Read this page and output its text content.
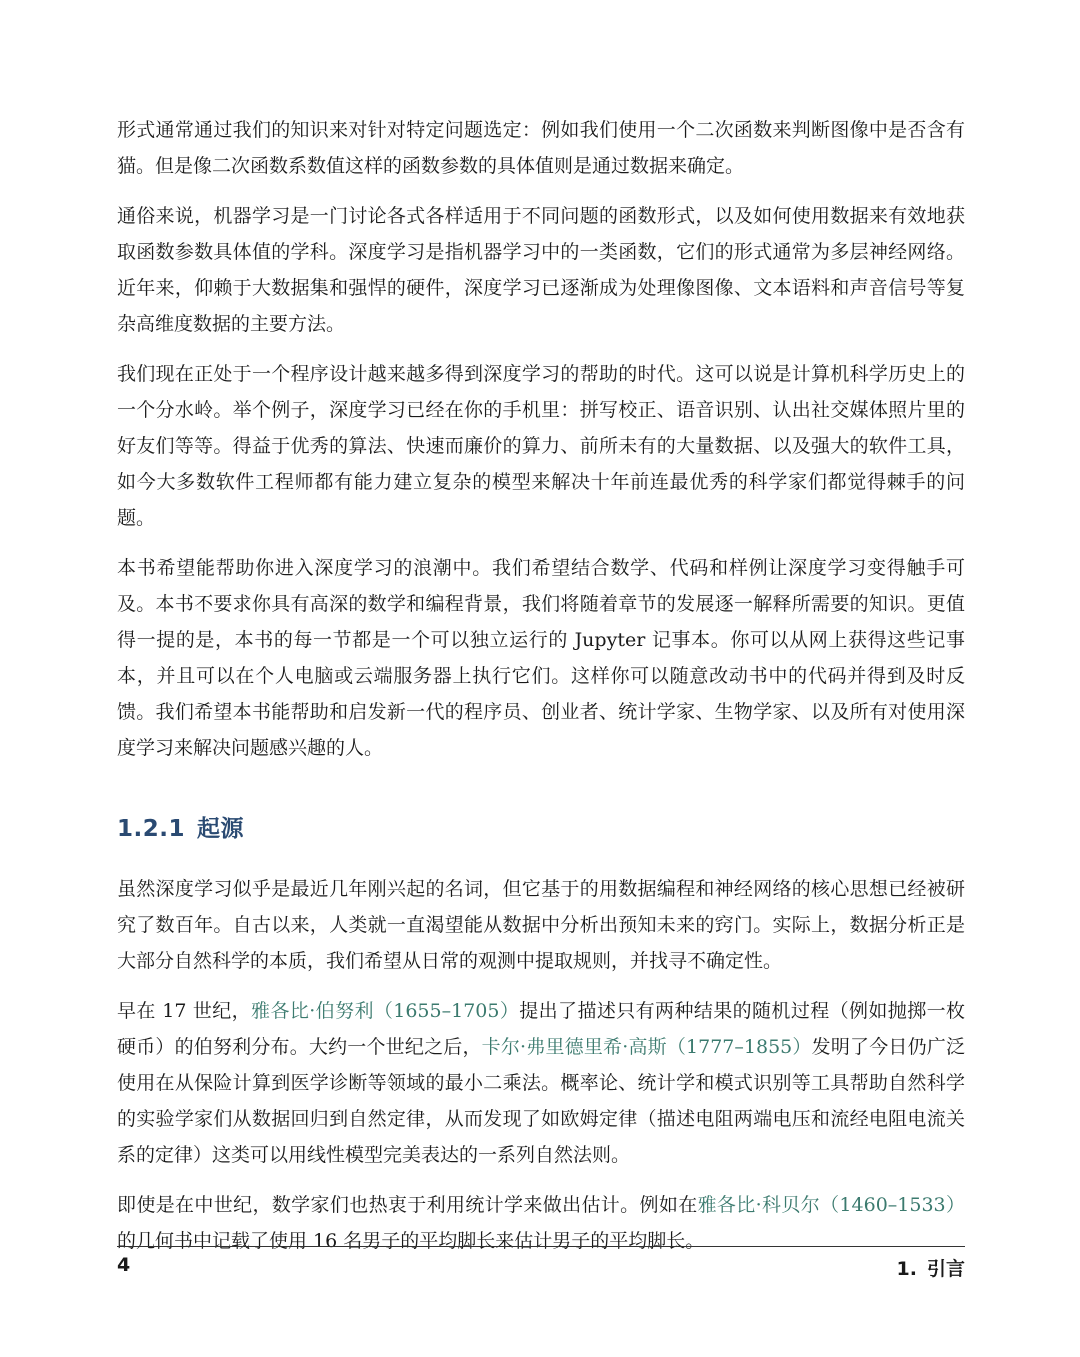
形式通常通过我们的知识来对针对特定问题选定：例如我们使用一个二次函数来判断图像中是否含有猫。但是像二次函数系数值这样的函数参数的具体值则是通过数据来确定。

通俗来说，机器学习是一门讨论各式各样适用于不同问题的函数形式，以及如何使用数据来有效地获取函数参数具体值的学科。深度学习是指机器学习中的一类函数，它们的形式通常为多层神经网络。近年来，仰赖于大数据集和强悍的硬件，深度学习已逐渐成为处理像图像、文本语料和声音信号等复杂高维度数据的主要方法。

我们现在正处于一个程序设计越来越多得到深度学习的帮助的时代。这可以说是计算机科学历史上的一个分水岭。举个例子，深度学习已经在你的手机里：拼写校正、语音识别、认出社交媒体照片里的好友们等等。得益于优秀的算法、快速而廉价的算力、前所未有的大量数据、以及强大的软件工具，如今大多数软件工程师都有能力建立复杂的模型来解决十年前连最优秀的科学家们都觉得棘手的问题。

本书希望能帮助你进入深度学习的浪潮中。我们希望结合数学、代码和样例让深度学习变得触手可及。本书不要求你具有高深的数学和编程背景，我们将随着章节的发展逐一解释所需要的知识。更值得一提的是，本书的每一节都是一个可以独立运行的 Jupyter 记事本。你可以从网上获得这些记事本，并且可以在个人电脑或云端服务器上执行它们。这样你可以随意改动书中的代码并得到及时反馈。我们希望本书能帮助和启发新一代的程序员、创业者、统计学家、生物学家、以及所有对使用深度学习来解决问题感兴趣的人。

1.2.1 起源

虽然深度学习似乎是最近几年刚兴起的名词，但它基于的用数据编程和神经网络的核心思想已经被研究了数百年。自古以来，人类就一直渴望能从数据中分析出预知未来的窍门。实际上，数据分析正是大部分自然科学的本质，我们希望从日常的观测中提取规则，并找寻不确定性。

早在 17 世纪，雅各比·伯努利（1655–1705）提出了描述只有两种结果的随机过程（例如抛掷一枚硬币）的伯努利分布。大约一个世纪之后，卡尔·弗里德里希·高斯（1777–1855）发明了今日仍广泛使用在从保险计算到医学诊断等领域的最小二乘法。概率论、统计学和模式识别等工具帮助自然科学的实验学家们从数据回归到自然定律，从而发现了如欧姆定律（描述电阻两端电压和流经电阻电流关系的定律）这类可以用线性模型完美表达的一系列自然法则。

即使是在中世纪，数学家们也热衷于利用统计学来做出估计。例如在雅各比·科贝尔（1460–1533）的几何书中记载了使用 16 名男子的平均脚长来估计男子的平均脚长。

4	1. 引言
